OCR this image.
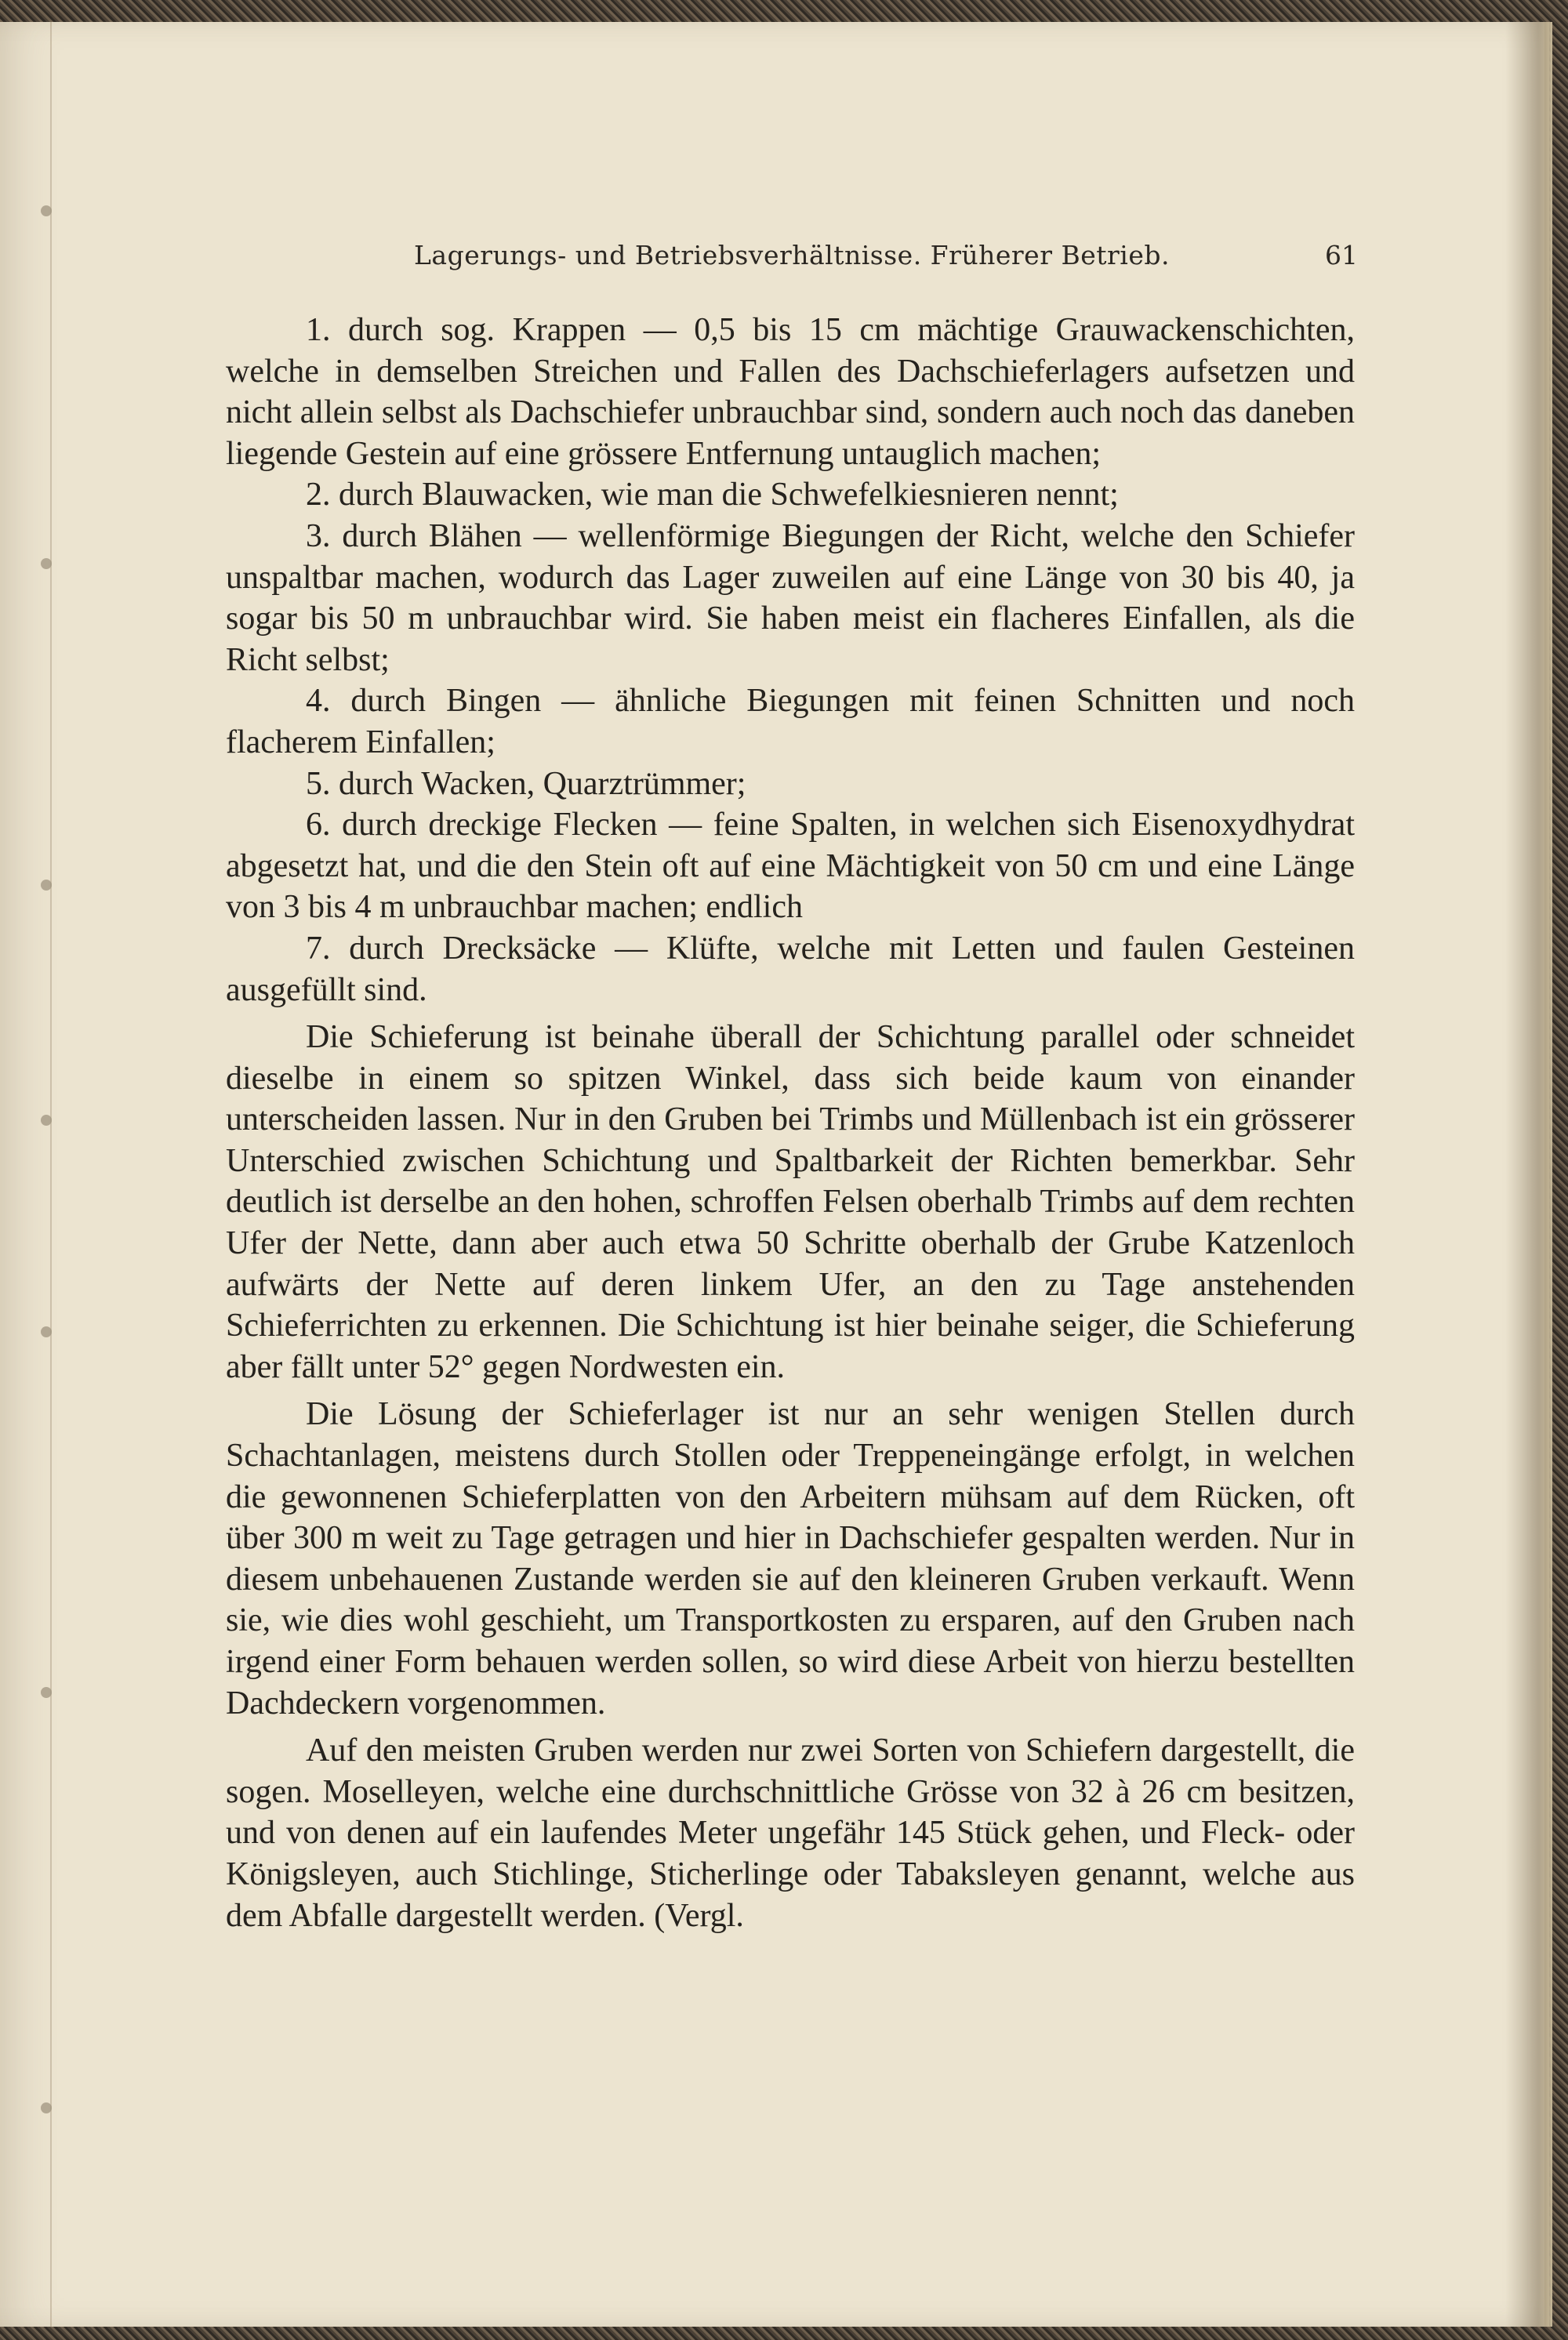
Lagerungs- und Betriebsverhältnisse. Früherer Betrieb.	61

1. durch sog. Krappen — 0,5 bis 15 cm mächtige Grauwackenschichten, welche in demselben Streichen und Fallen des Dachschieferlagers aufsetzen und nicht allein selbst als Dachschiefer unbrauchbar sind, sondern auch noch das daneben liegende Gestein auf eine grössere Entfernung untauglich machen;

2. durch Blauwacken, wie man die Schwefelkiesnieren nennt;

3. durch Blähen — wellenförmige Biegungen der Richt, welche den Schiefer unspaltbar machen, wodurch das Lager zuweilen auf eine Länge von 30 bis 40, ja sogar bis 50 m unbrauchbar wird. Sie haben meist ein flacheres Einfallen, als die Richt selbst;

4. durch Bingen — ähnliche Biegungen mit feinen Schnitten und noch flacherem Einfallen;

5. durch Wacken, Quarztrümmer;

6. durch dreckige Flecken — feine Spalten, in welchen sich Eisenoxydhydrat abgesetzt hat, und die den Stein oft auf eine Mächtigkeit von 50 cm und eine Länge von 3 bis 4 m unbrauchbar machen; endlich

7. durch Drecksäcke — Klüfte, welche mit Letten und faulen Gesteinen ausgefüllt sind.

Die Schieferung ist beinahe überall der Schichtung parallel oder schneidet dieselbe in einem so spitzen Winkel, dass sich beide kaum von einander unterscheiden lassen. Nur in den Gruben bei Trimbs und Müllenbach ist ein grösserer Unterschied zwischen Schichtung und Spaltbarkeit der Richten bemerkbar. Sehr deutlich ist derselbe an den hohen, schroffen Felsen oberhalb Trimbs auf dem rechten Ufer der Nette, dann aber auch etwa 50 Schritte oberhalb der Grube Katzenloch aufwärts der Nette auf deren linkem Ufer, an den zu Tage anstehenden Schieferrichten zu erkennen. Die Schichtung ist hier beinahe seiger, die Schieferung aber fällt unter 52° gegen Nordwesten ein.

Die Lösung der Schieferlager ist nur an sehr wenigen Stellen durch Schachtanlagen, meistens durch Stollen oder Treppeneingänge erfolgt, in welchen die gewonnenen Schieferplatten von den Arbeitern mühsam auf dem Rücken, oft über 300 m weit zu Tage getragen und hier in Dachschiefer gespalten werden. Nur in diesem unbehauenen Zustande werden sie auf den kleineren Gruben verkauft. Wenn sie, wie dies wohl geschieht, um Transportkosten zu ersparen, auf den Gruben nach irgend einer Form behauen werden sollen, so wird diese Arbeit von hierzu bestellten Dachdeckern vorgenommen.

Auf den meisten Gruben werden nur zwei Sorten von Schiefern dargestellt, die sogen. Moselleyen, welche eine durchschnittliche Grösse von 32 à 26 cm besitzen, und von denen auf ein laufendes Meter ungefähr 145 Stück gehen, und Fleck- oder Königsleyen, auch Stichlinge, Sticherlinge oder Tabaksleyen genannt, welche aus dem Abfalle dargestellt werden. (Vergl.
